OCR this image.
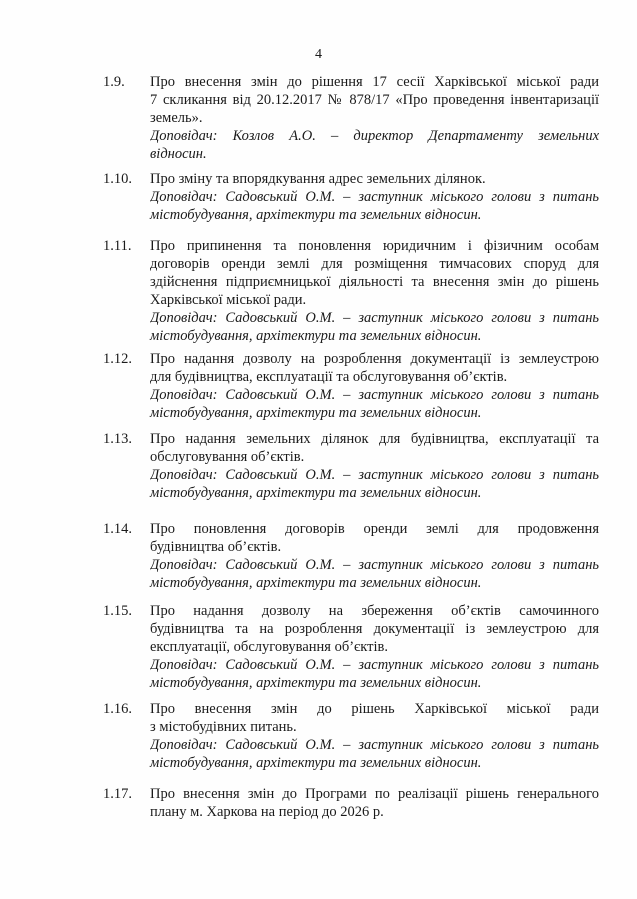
4
1.9. Про внесення змін до рішення 17 сесії Харківської міської ради
7 скликання від 20.12.2017 № 878/17 «Про проведення інвентаризації
земель».
Доповідач: Козлов А.О. – директор Департаменту земельних
відносин.
1.10. Про зміну та впорядкування адрес земельних ділянок.
Доповідач: Садовський О.М. – заступник міського голови з питань
містобудування, архітектури та земельних відносин.
1.11. Про припинення та поновлення юридичним і фізичним особам
договорів оренди землі для розміщення тимчасових споруд для
здійснення підприємницької діяльності та внесення змін до рішень
Харківської міської ради.
Доповідач: Садовський О.М. – заступник міського голови з питань
містобудування, архітектури та земельних відносин.
1.12. Про надання дозволу на розроблення документації із землеустрою
для будівництва, експлуатації та обслуговування об’єктів.
Доповідач: Садовський О.М. – заступник міського голови з питань
містобудування, архітектури та земельних відносин.
1.13. Про надання земельних ділянок для будівництва, експлуатації та
обслуговування об’єктів.
Доповідач: Садовський О.М. – заступник міського голови з питань
містобудування, архітектури та земельних відносин.
1.14. Про поновлення договорів оренди землі для продовження
будівництва об’єктів.
Доповідач: Садовський О.М. – заступник міського голови з питань
містобудування, архітектури та земельних відносин.
1.15. Про надання дозволу на збереження об’єктів самочинного
будівництва та на розроблення документації із землеустрою для
експлуатації, обслуговування об’єктів.
Доповідач: Садовський О.М. – заступник міського голови з питань
містобудування, архітектури та земельних відносин.
1.16. Про внесення змін до рішень Харківської міської ради
з містобудівних питань.
Доповідач: Садовський О.М. – заступник міського голови з питань
містобудування, архітектури та земельних відносин.
1.17. Про внесення змін до Програми по реалізації рішень генерального
плану м. Харкова на період до 2026 р.
